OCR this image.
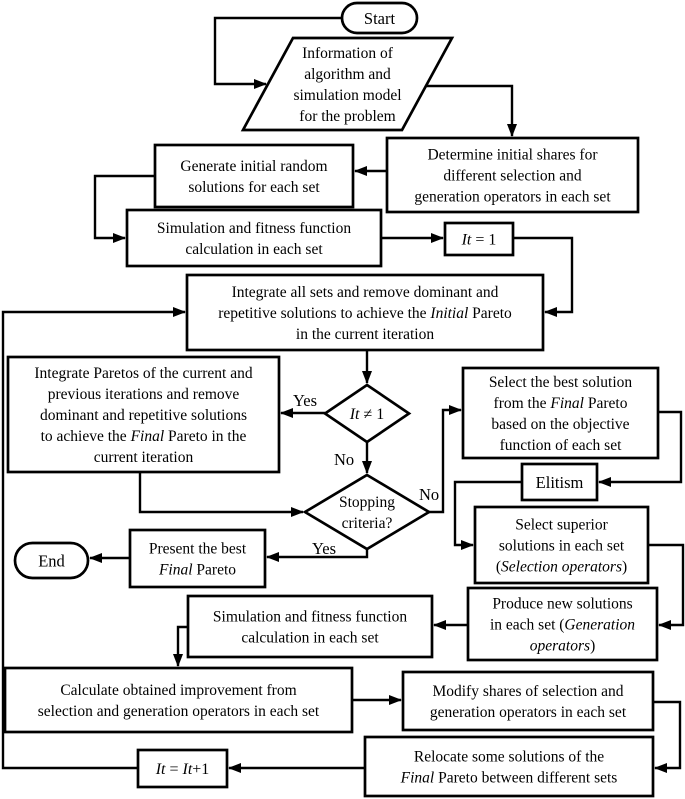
Start
Information of algorithm and simulation model for the problem
Generate initial random solutions for each set
Determine initial shares for different selection and generation operators in each set
Simulation and fitness function calculation in each set
It = 1
Integrate all sets and remove dominant and repetitive solutions to achieve the Initial Pareto in the current iteration
Integrate Paretos of the current and previous iterations and remove dominant and repetitive solutions to achieve the Final Pareto in the current iteration
It ≠ 1
Stopping criteria?
Select the best solution from the Final Pareto based on the objective function of each set
Elitism
Select superior solutions in each set (Selection operators)
Produce new solutions in each set (Generation operators)
Simulation and fitness function calculation in each set
Present the best Final Pareto
End
Calculate obtained improvement from selection and generation operators in each set
Modify shares of selection and generation operators in each set
Relocate some solutions of the Final Pareto between different sets
It = It+1
Yes
No
No
Yes
